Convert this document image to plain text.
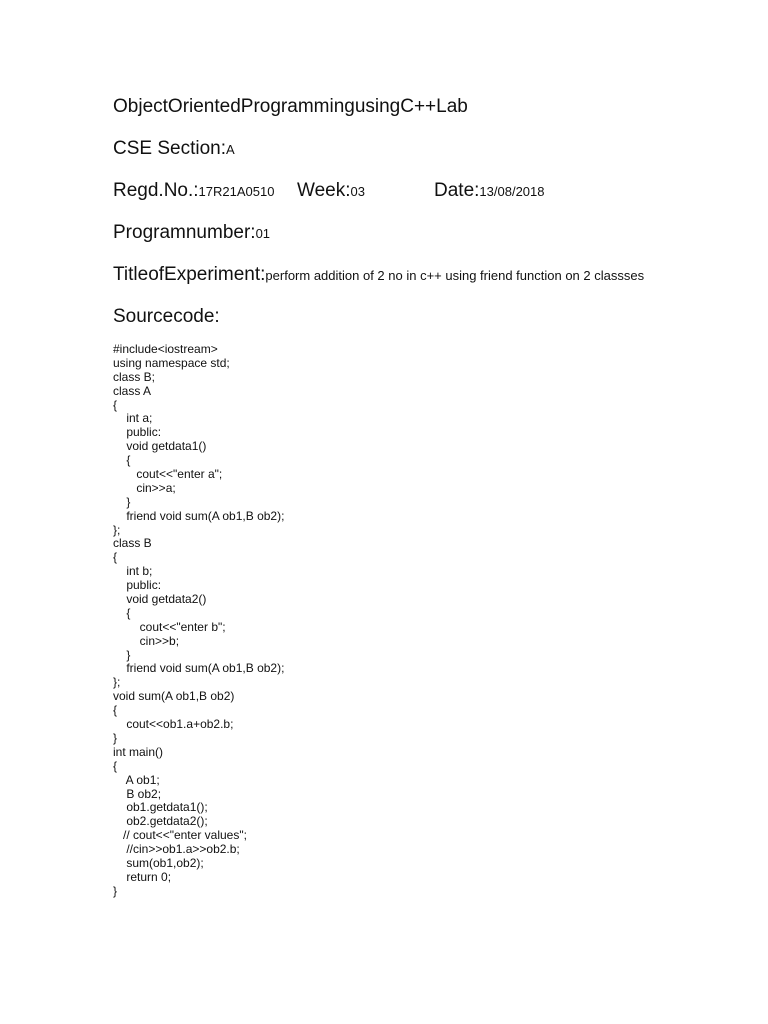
ObjectOrientedProgrammingusingC++Lab
CSE Section:A
Regd.No.:17R21A0510 Week:03	Date:13/08/2018
Programnumber:01
TitleofExperiment:perform addition of 2 no in c++ using friend function on 2 classses
Sourcecode:
#include<iostream>
using namespace std;
class B;
class A
{
int a;
public:
void getdata1()
{
cout<<"enter a";
cin>>a;
}
friend void sum(A ob1,B ob2);
};
class B
{
int b;
public:
void getdata2()
{
cout<<"enter b";
cin>>b;
}
friend void sum(A ob1,B ob2);
};
void sum(A ob1,B ob2)
{
cout<<ob1.a+ob2.b;
}
int main()
{
A ob1;
B ob2;
ob1.getdata1();
ob2.getdata2();
// cout<<"enter values";
//cin>>ob1.a>>ob2.b;
sum(ob1,ob2);
return 0;
}
